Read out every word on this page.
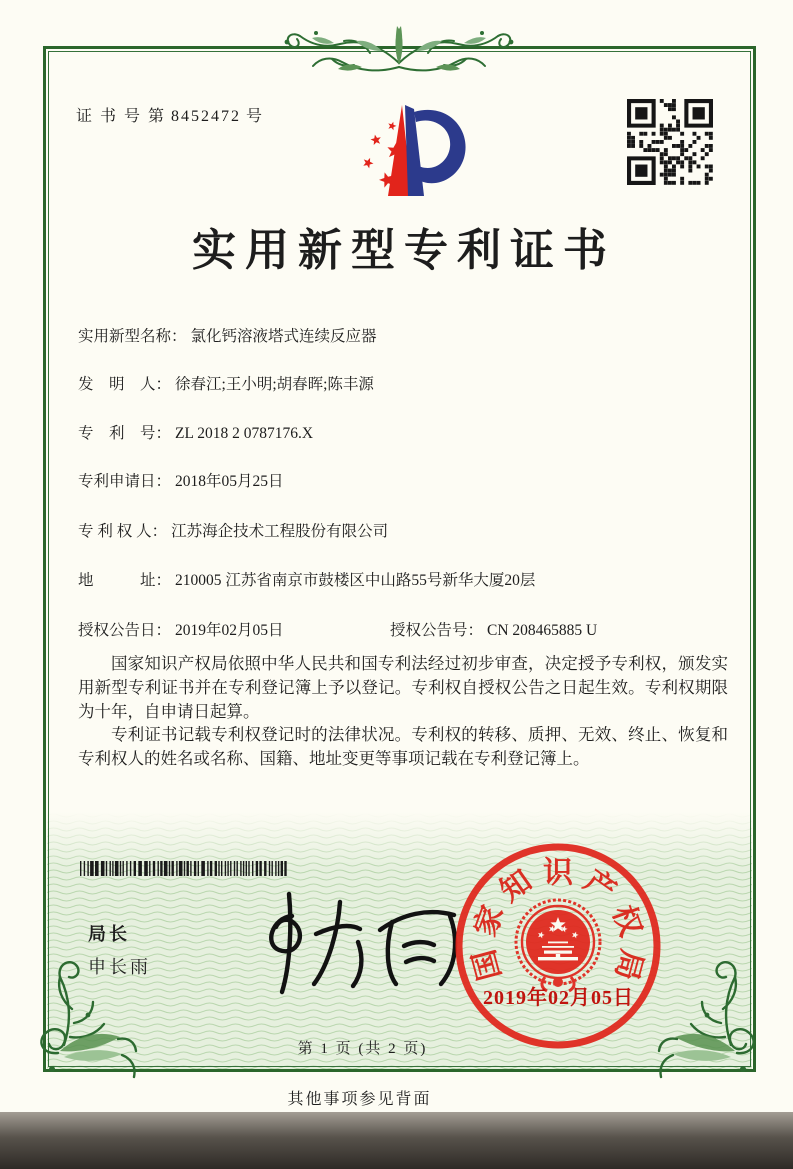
证 书 号 第 8452472 号
实用新型专利证书
实用新型名称： 氯化钙溶液塔式连续反应器
发　明　人： 徐春江;王小明;胡春晖;陈丰源
专　利　号： ZL 2018 2 0787176.X
专利申请日： 2018年05月25日
专 利 权 人： 江苏海企技术工程股份有限公司
地　　　址： 210005 江苏省南京市鼓楼区中山路55号新华大厦20层
授权公告日： 2019年02月05日	授权公告号： CN 208465885 U

国家知识产权局依照中华人民共和国专利法经过初步审查，决定授予专利权，颁发实用新型专利证书并在专利登记簿上予以登记。专利权自授权公告之日起生效。专利权期限为十年，自申请日起算。

专利证书记载专利权登记时的法律状况。专利权的转移、质押、无效、终止、恢复和专利权人的姓名或名称、国籍、地址变更等事项记载在专利登记簿上。

局长
申长雨	国
家
知 识 产
权
局
2019年02月05日
第 1 页 (共 2 页)
其他事项参见背面
